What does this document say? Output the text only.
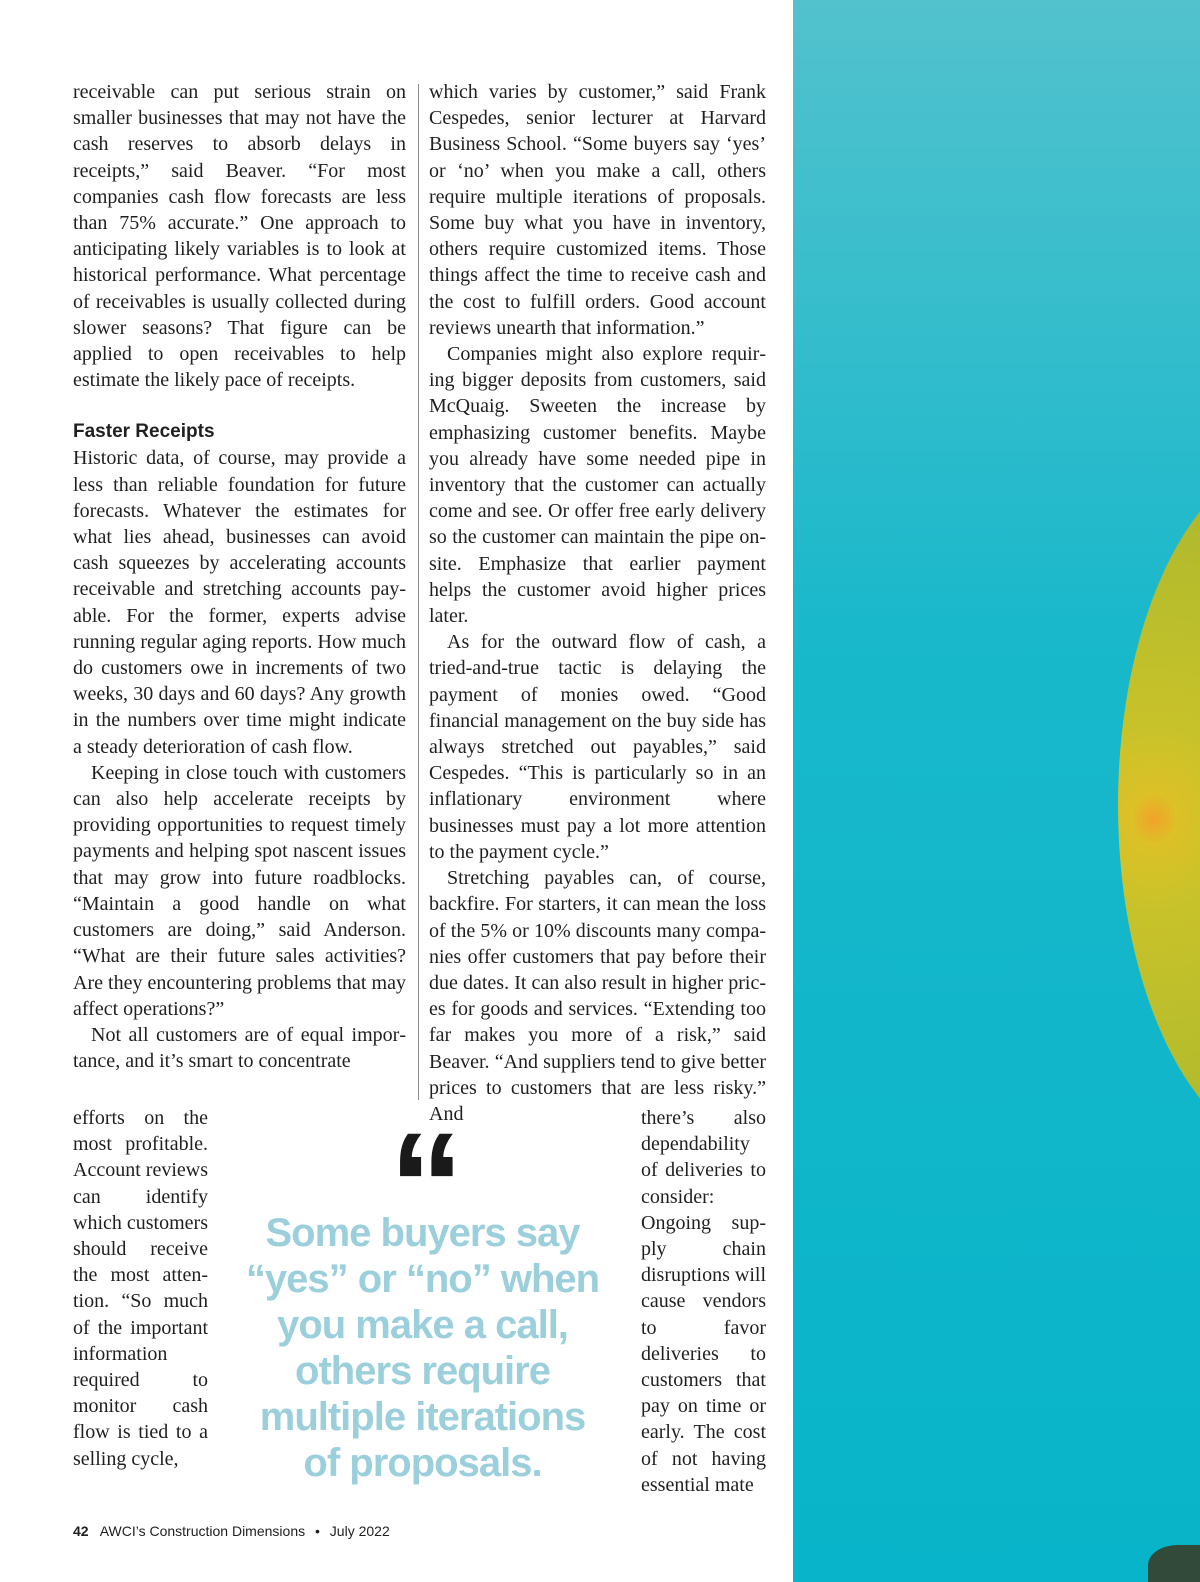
receivable can put serious strain on smaller businesses that may not have the cash reserves to absorb delays in receipts,” said Beaver. “For most companies cash flow forecasts are less than 75% accurate.” One approach to anticipating likely variables is to look at historical performance. What percentage of receivables is usually collected during slower seasons? That figure can be applied to open receivables to help estimate the likely pace of receipts.

Faster Receipts

Historic data, of course, may provide a less than reliable foundation for future forecasts. Whatever the estimates for what lies ahead, businesses can avoid cash squeezes by accelerating accounts receivable and stretching accounts payable. For the former, experts advise running regular aging reports. How much do customers owe in increments of two weeks, 30 days and 60 days? Any growth in the numbers over time might indicate a steady deterioration of cash flow.

Keeping in close touch with customers can also help accelerate receipts by providing opportunities to request timely payments and helping spot nascent issues that may grow into future roadblocks. “Maintain a good handle on what customers are doing,” said Anderson. “What are their future sales activities? Are they encountering problems that may affect operations?”

Not all customers are of equal importance, and it’s smart to concentrate

which varies by customer,” said Frank Cespedes, senior lecturer at Harvard Business School. “Some buyers say ‘yes’ or ‘no’ when you make a call, others require multiple iterations of proposals. Some buy what you have in inventory, others require customized items. Those things affect the time to receive cash and the cost to fulfill orders. Good account reviews unearth that information.”

Companies might also explore requiring bigger deposits from customers, said McQuaig. Sweeten the increase by emphasizing customer benefits. Maybe you already have some needed pipe in inventory that the customer can actually come and see. Or offer free early delivery so the customer can maintain the pipe on-site. Emphasize that earlier payment helps the customer avoid higher prices later.

As for the outward flow of cash, a tried-and-true tactic is delaying the payment of monies owed. “Good financial management on the buy side has always stretched out payables,” said Cespedes. “This is particularly so in an inflationary environment where businesses must pay a lot more attention to the payment cycle.”

Stretching payables can, of course, backfire. For starters, it can mean the loss of the 5% or 10% discounts many companies offer customers that pay before their due dates. It can also result in higher prices for goods and services. “Extending too far makes you more of a risk,” said Beaver. “And suppliers tend to give better prices to customers that are less risky.” And

efforts on the most profitable. Account reviews can identify which customers should receive the most attention. “So much of the important information required to monitor cash flow is tied to a selling cycle,

Some buyers say “yes” or “no” when you make a call, others require multiple iterations of proposals.

there’s also dependability of deliveries to consider: Ongoing supply chain disruptions will cause vendors to favor deliveries to customers that pay on time or early. The cost of not having essential mate

42 AWCI’s Construction Dimensions • July 2022
